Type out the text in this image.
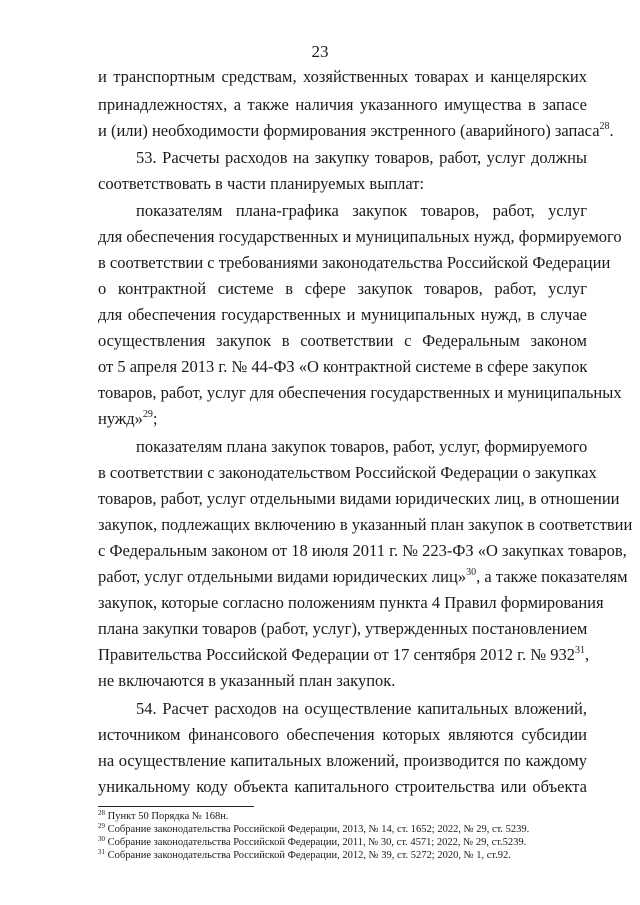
23
и транспортным средствам, хозяйственных товарах и канцелярских
принадлежностях, а также наличия указанного имущества в запасе
и (или) необходимости формирования экстренного (аварийного) запаса$^{28}$.
53. Расчеты расходов на закупку товаров, работ, услуг должны
соответствовать в части планируемых выплат:
показателям плана-графика закупок товаров, работ, услуг
для обеспечения государственных и муниципальных нужд, формируемого
в соответствии с требованиями законодательства Российской Федерации
о контрактной системе в сфере закупок товаров, работ, услуг
для обеспечения государственных и муниципальных нужд, в случае
осуществления закупок в соответствии с Федеральным законом
от 5 апреля 2013 г. № 44-ФЗ «О контрактной системе в сфере закупок
товаров, работ, услуг для обеспечения государственных и муниципальных
нужд»$^{29}$;
показателям плана закупок товаров, работ, услуг, формируемого
в соответствии с законодательством Российской Федерации о закупках
товаров, работ, услуг отдельными видами юридических лиц, в отношении
закупок, подлежащих включению в указанный план закупок в соответствии
с Федеральным законом от 18 июля 2011 г. № 223-ФЗ «О закупках товаров,
работ, услуг отдельными видами юридических лиц»$^{30}$, а также показателям
закупок, которые согласно положениям пункта 4 Правил формирования
плана закупки товаров (работ, услуг), утвержденных постановлением
Правительства Российской Федерации от 17 сентября 2012 г. № $932^{31}$,
не включаются в указанный план закупок.
54. Расчет расходов на осуществление капитальных вложений,
источником финансового обеспечения которых являются субсидии
на осуществление капитальных вложений, производится по каждому
уникальному коду объекта капитального строительства или объекта
$^{28}$ Пункт 50 Порядка № 168н.
$^{29}$ Собрание законодательства Российской Федерации, 2013, № 14, ст. 1652; 2022, № 29, ст. 5239.
$^{30}$ Собрание законодательства Российской Федерации, 2011, № 30, ст. 4571; 2022, № 29, ст.5239.
$^{31}$ Собрание законодательства Российской Федерации, 2012, № 39, ст. 5272; 2020, № 1, ст.92.
